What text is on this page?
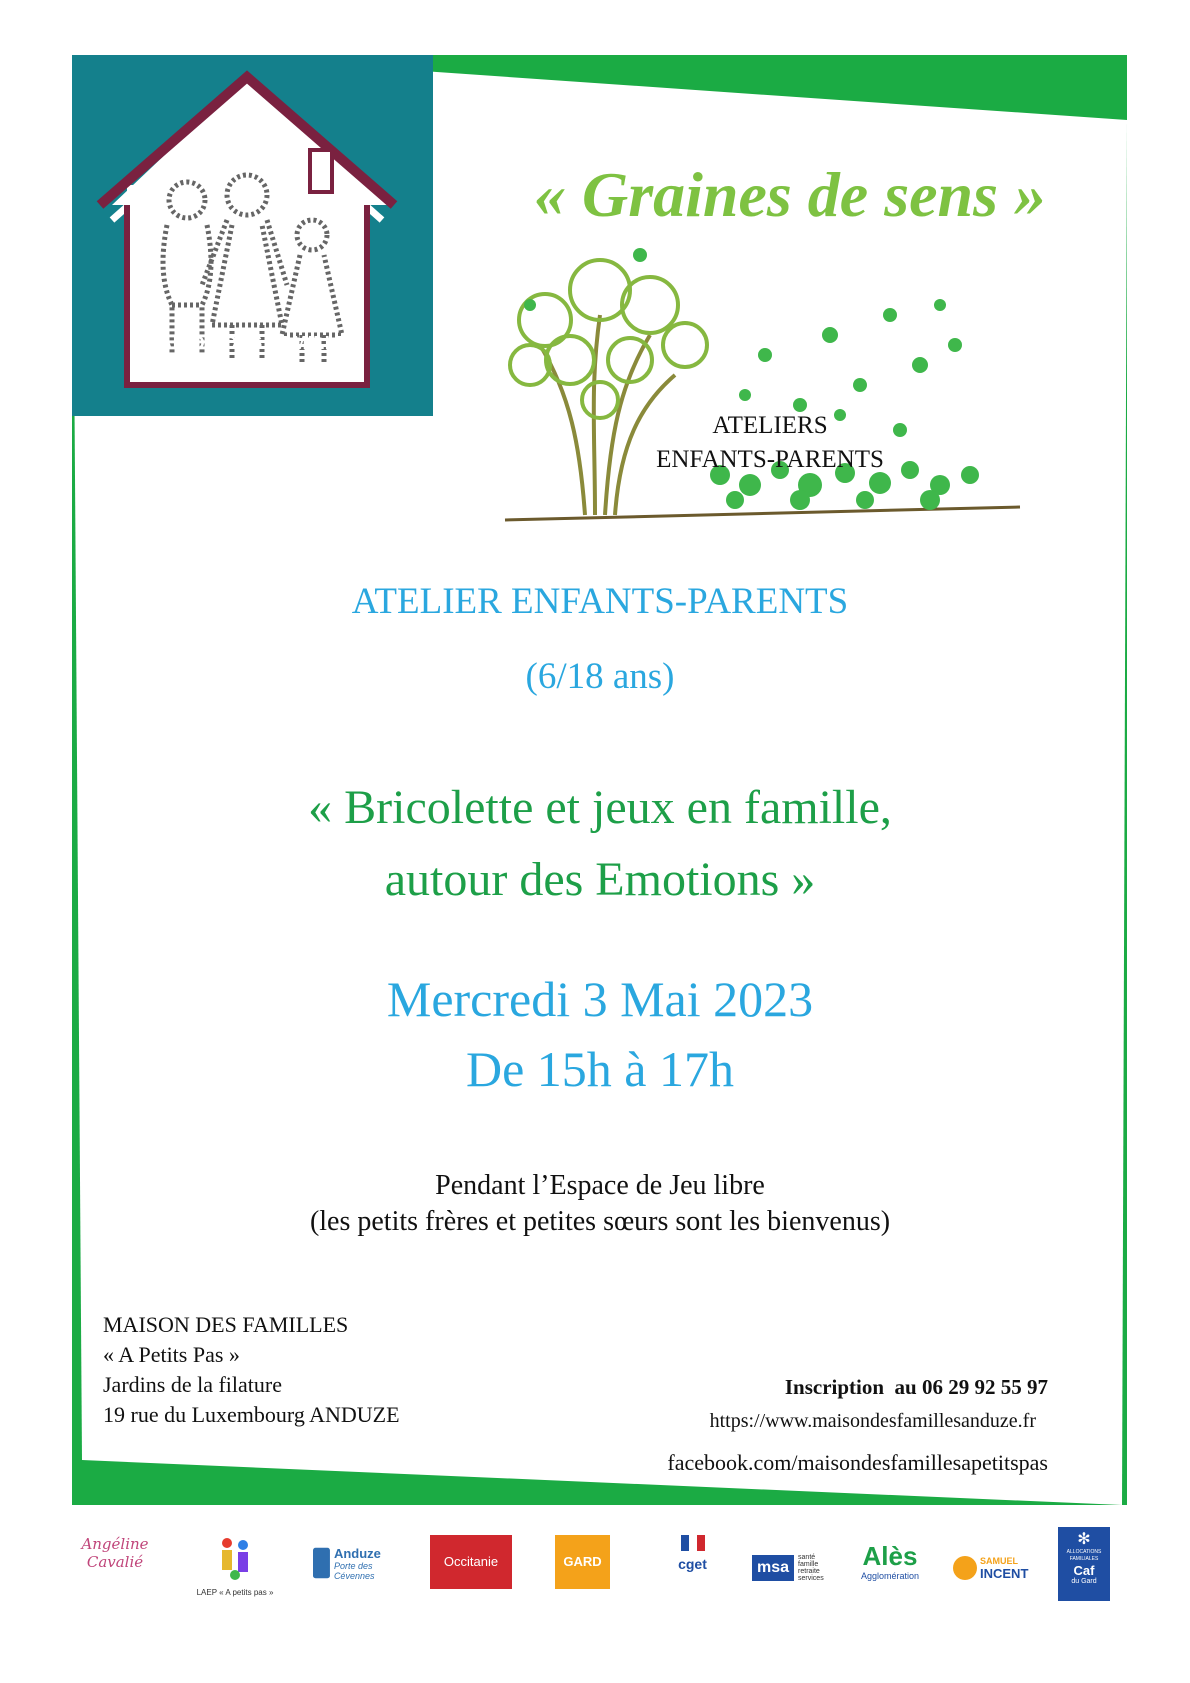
MAISON DES FAMILLES
« A Petits Pas »
« Graines de sens »
ATELIERS
ENFANTS-PARENTS
ATELIER ENFANTS-PARENTS
(6/18 ans)
« Bricolette et jeux en famille,
autour des Emotions »
Mercredi 3 Mai 2023
De 15h à 17h
Pendant l’Espace de Jeu libre
(les petits frères et petites sœurs sont les bienvenus)
MAISON DES FAMILLES
« A Petits Pas »
Jardins de la filature
19 rue du Luxembourg ANDUZE
Inscription  au 06 29 92 55 97
https://www.maisondesfamillesanduze.fr
facebook.com/maisondesfamillesapetitspas
Angéline
Cavalié
LAEP « A petits pas »
Anduze
Porte des Cévennes
Occitanie	GARD	cget	msa
santé famille retraite services
Alès
Agglomération
SAMUEL
INCENT
✻
ALLOCATIONS FAMILIALES
Caf
du Gard
